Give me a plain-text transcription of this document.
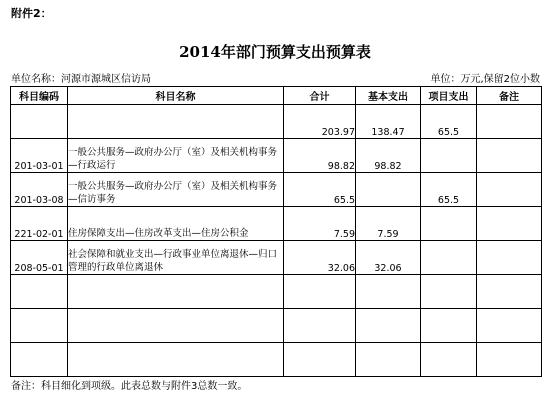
附件2：
2014年部门预算支出预算表
单位名称：河源市源城区信访局	单位：万元,保留2位小数
科目编码	科目名称	合计	基本支出	项目支出	备注
		203.97	138.47	65.5	
201-03-01	一般公共服务—政府办公厅（室）及相关机构事务—行政运行	98.82	98.82		
201-03-08	一般公共服务—政府办公厅（室）及相关机构事务—信访事务	65.5		65.5	
221-02-01	住房保障支出—住房改革支出—住房公积金	7.59	7.59		
208-05-01	社会保障和就业支出—行政事业单位离退休—归口管理的行政单位离退休	32.06	32.06		

备注：科目细化到项级。此表总数与附件3总数一致。
